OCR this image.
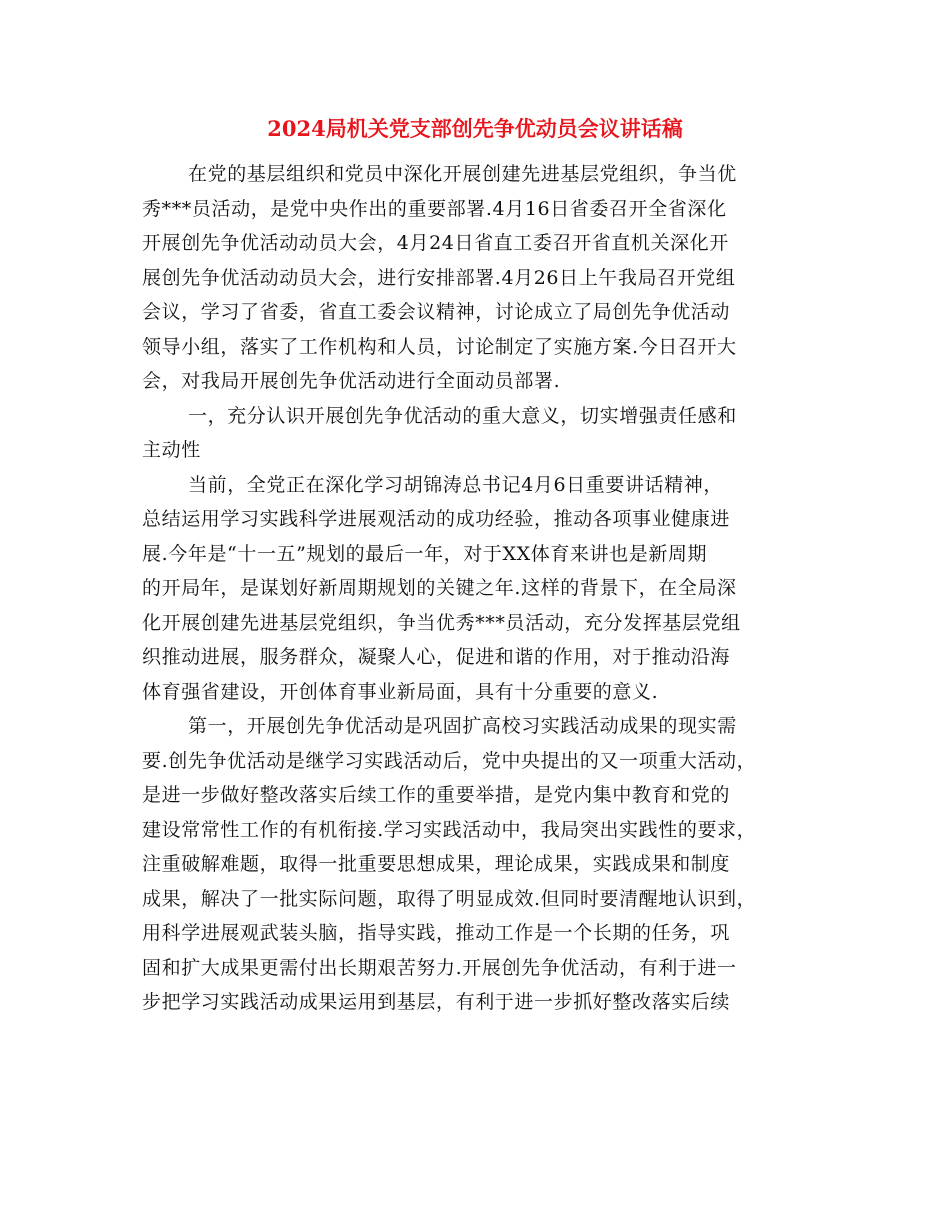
2024局机关党支部创先争优动员会议讲话稿
在党的基层组织和党员中深化开展创建先进基层党组织，争当优
秀***员活动，是党中央作出的重要部署.4月16日省委召开全省深化
开展创先争优活动动员大会，4月24日省直工委召开省直机关深化开
展创先争优活动动员大会，进行安排部署.4月26日上午我局召开党组
会议，学习了省委，省直工委会议精神，讨论成立了局创先争优活动
领导小组，落实了工作机构和人员，讨论制定了实施方案.今日召开大
会，对我局开展创先争优活动进行全面动员部署.
一，充分认识开展创先争优活动的重大意义，切实增强责任感和
主动性
当前，全党正在深化学习胡锦涛总书记4月6日重要讲话精神，
总结运用学习实践科学进展观活动的成功经验，推动各项事业健康进
展.今年是“十一五”规划的最后一年，对于XX体育来讲也是新周期
的开局年，是谋划好新周期规划的关键之年.这样的背景下，在全局深
化开展创建先进基层党组织，争当优秀***员活动，充分发挥基层党组
织推动进展，服务群众，凝聚人心，促进和谐的作用，对于推动沿海
体育强省建设，开创体育事业新局面，具有十分重要的意义.
第一，开展创先争优活动是巩固扩高校习实践活动成果的现实需
要.创先争优活动是继学习实践活动后，党中央提出的又一项重大活动，
是进一步做好整改落实后续工作的重要举措，是党内集中教育和党的
建设常常性工作的有机衔接.学习实践活动中，我局突出实践性的要求，
注重破解难题，取得一批重要思想成果，理论成果，实践成果和制度
成果，解决了一批实际问题，取得了明显成效.但同时要清醒地认识到，
用科学进展观武装头脑，指导实践，推动工作是一个长期的任务，巩
固和扩大成果更需付出长期艰苦努力.开展创先争优活动，有利于进一
步把学习实践活动成果运用到基层，有利于进一步抓好整改落实后续
